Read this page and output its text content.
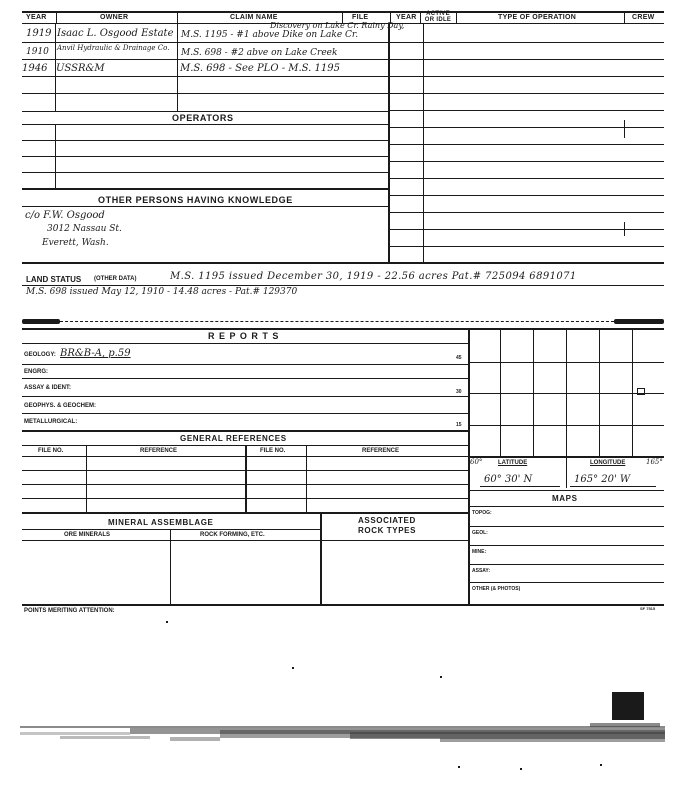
YEAR	OWNER	CLAIM NAME	FILE	YEAR	ACTIVE OR IDLE	TYPE OF OPERATION	CREW
1919 Isaac L. Osgood Estate M.S. 1195 - #1 above Dike on Lake Cr.
Discovery on Lake Cr. Rainy Day,
1910 Anvil Hydraulic & Drainage Co.	M.S. 698 - #2 abve on Lake Creek
1946 USSR&M	M.S. 698 - See PLO - M.S. 1195
OPERATORS
OTHER PERSONS HAVING KNOWLEDGE
c/o F.W. Osgood
3012 Nassau St.
Everett, Wash.
LAND STATUS (OTHER DATA)	M.S. 1195 issued December 30, 1919 - 22.56 acres Pat.# 725094 6891071
M.S. 698 issued May 12, 1910 - 14.48 acres - Pat.# 129370
R E P O R T S
GEOLOGY: BR&B-A, p.59	45
ENGRG:
ASSAY & IDENT:
30
GEOPHYS. & GEOCHEM:
METALLURGICAL:	15
GENERAL REFERENCES
FILE NO.	REFERENCE	FILE NO.	REFERENCE
60°	LATITUDE	LONGITUDE	165°
60° 30' N	165° 20' W
MAPS
TOPOG:
GEOL:
MINE:
ASSAY:
OTHER (& PHOTOS)
MINERAL ASSEMBLAGE	ASSOCIATED
ROCK TYPES
ORE MINERALS	ROCK FORMING, ETC.
POINTS MERITING ATTENTION:	SF 7515
